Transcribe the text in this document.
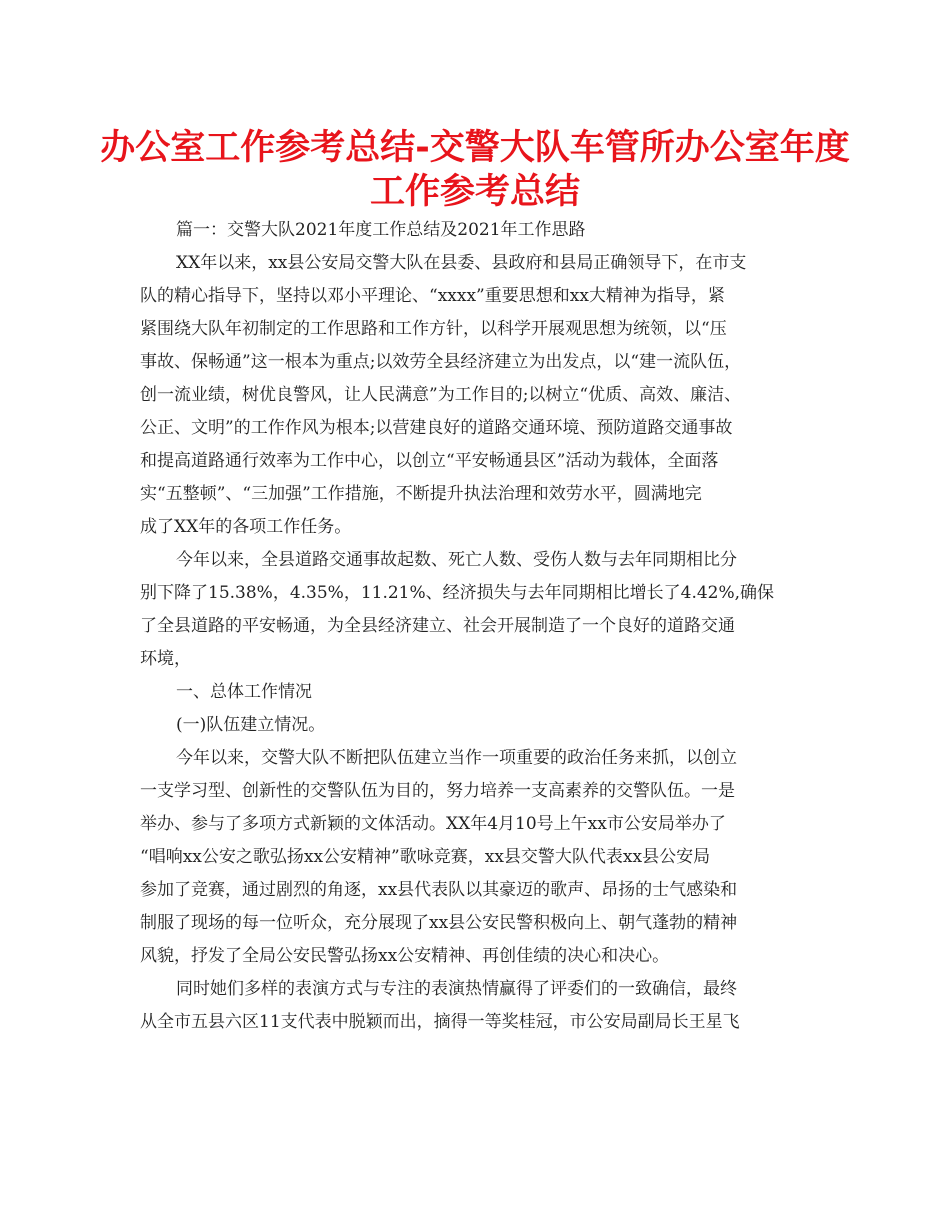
办公室工作参考总结-交警大队车管所办公室年度
工作参考总结
篇一：交警大队2021年度工作总结及2021年工作思路
XX年以来，xx县公安局交警大队在县委、县政府和县局正确领导下，在市支
队的精心指导下，坚持以邓小平理论、“xxxx”重要思想和xx大精神为指导，紧
紧围绕大队年初制定的工作思路和工作方针，以科学开展观思想为统领，以“压
事故、保畅通”这一根本为重点;以效劳全县经济建立为出发点，以“建一流队伍，
创一流业绩，树优良警风，让人民满意”为工作目的;以树立“优质、高效、廉洁、
公正、文明”的工作作风为根本;以营建良好的道路交通环境、预防道路交通事故
和提高道路通行效率为工作中心，以创立“平安畅通县区”活动为载体，全面落
实“五整顿”、“三加强”工作措施，不断提升执法治理和效劳水平，圆满地完
成了XX年的各项工作任务。
今年以来，全县道路交通事故起数、死亡人数、受伤人数与去年同期相比分
别下降了15.38%，4.35%，11.21%、经济损失与去年同期相比增长了4.42%,确保
了全县道路的平安畅通，为全县经济建立、社会开展制造了一个良好的道路交通
环境，
一、总体工作情况
(一)队伍建立情况。
今年以来，交警大队不断把队伍建立当作一项重要的政治任务来抓，以创立
一支学习型、创新性的交警队伍为目的，努力培养一支高素养的交警队伍。一是
举办、参与了多项方式新颖的文体活动。XX年4月10号上午xx市公安局举办了
“唱响xx公安之歌弘扬xx公安精神”歌咏竞赛，xx县交警大队代表xx县公安局
参加了竞赛，通过剧烈的角逐，xx县代表队以其豪迈的歌声、昂扬的士气感染和
制服了现场的每一位听众，充分展现了xx县公安民警积极向上、朝气蓬勃的精神
风貌，抒发了全局公安民警弘扬xx公安精神、再创佳绩的决心和决心。
同时她们多样的表演方式与专注的表演热情赢得了评委们的一致确信，最终
从全市五县六区11支代表中脱颖而出，摘得一等奖桂冠，市公安局副局长王星飞
